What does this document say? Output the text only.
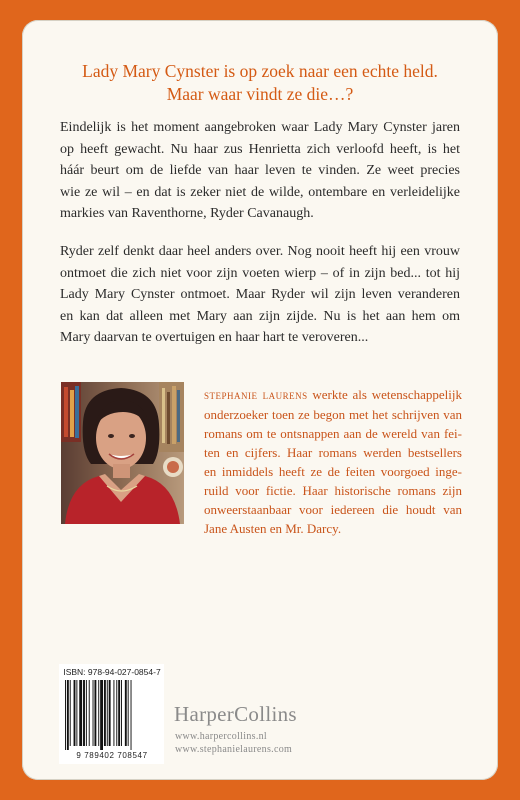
Lady Mary Cynster is op zoek naar een echte held.
Maar waar vindt ze die…?
Eindelijk is het moment aangebroken waar Lady Mary Cynster jaren
op heeft gewacht. Nu haar zus Henrietta zich verloofd heeft, is het
háár beurt om de liefde van haar leven te vinden. Ze weet precies
wie ze wil – en dat is zeker niet de wilde, ontembare en verleidelijke
markies van Raventhorne, Ryder Cavanaugh.
Ryder zelf denkt daar heel anders over. Nog nooit heeft hij een vrouw
ontmoet die zich niet voor zijn voeten wierp – of in zijn bed... tot hij
Lady Mary Cynster ontmoet. Maar Ryder wil zijn leven veranderen
en kan dat alleen met Mary aan zijn zijde. Nu is het aan hem om
Mary daarvan te overtuigen en haar hart te veroveren...
stephanie laurens werkte als wetenschappelijk
onderzoeker toen ze begon met het schrijven van
romans om te ontsnappen aan de wereld van fei-
ten en cijfers. Haar romans werden bestsellers
en inmiddels heeft ze de feiten voorgoed inge-
ruild voor fictie. Haar historische romans zijn
onweerstaanbaar voor iedereen die houdt van
Jane Austen en Mr. Darcy.
ISBN: 978-94-027-0854-7
9 789402 708547
HarperCollins
www.harpercollins.nl
www.stephanielaurens.com
